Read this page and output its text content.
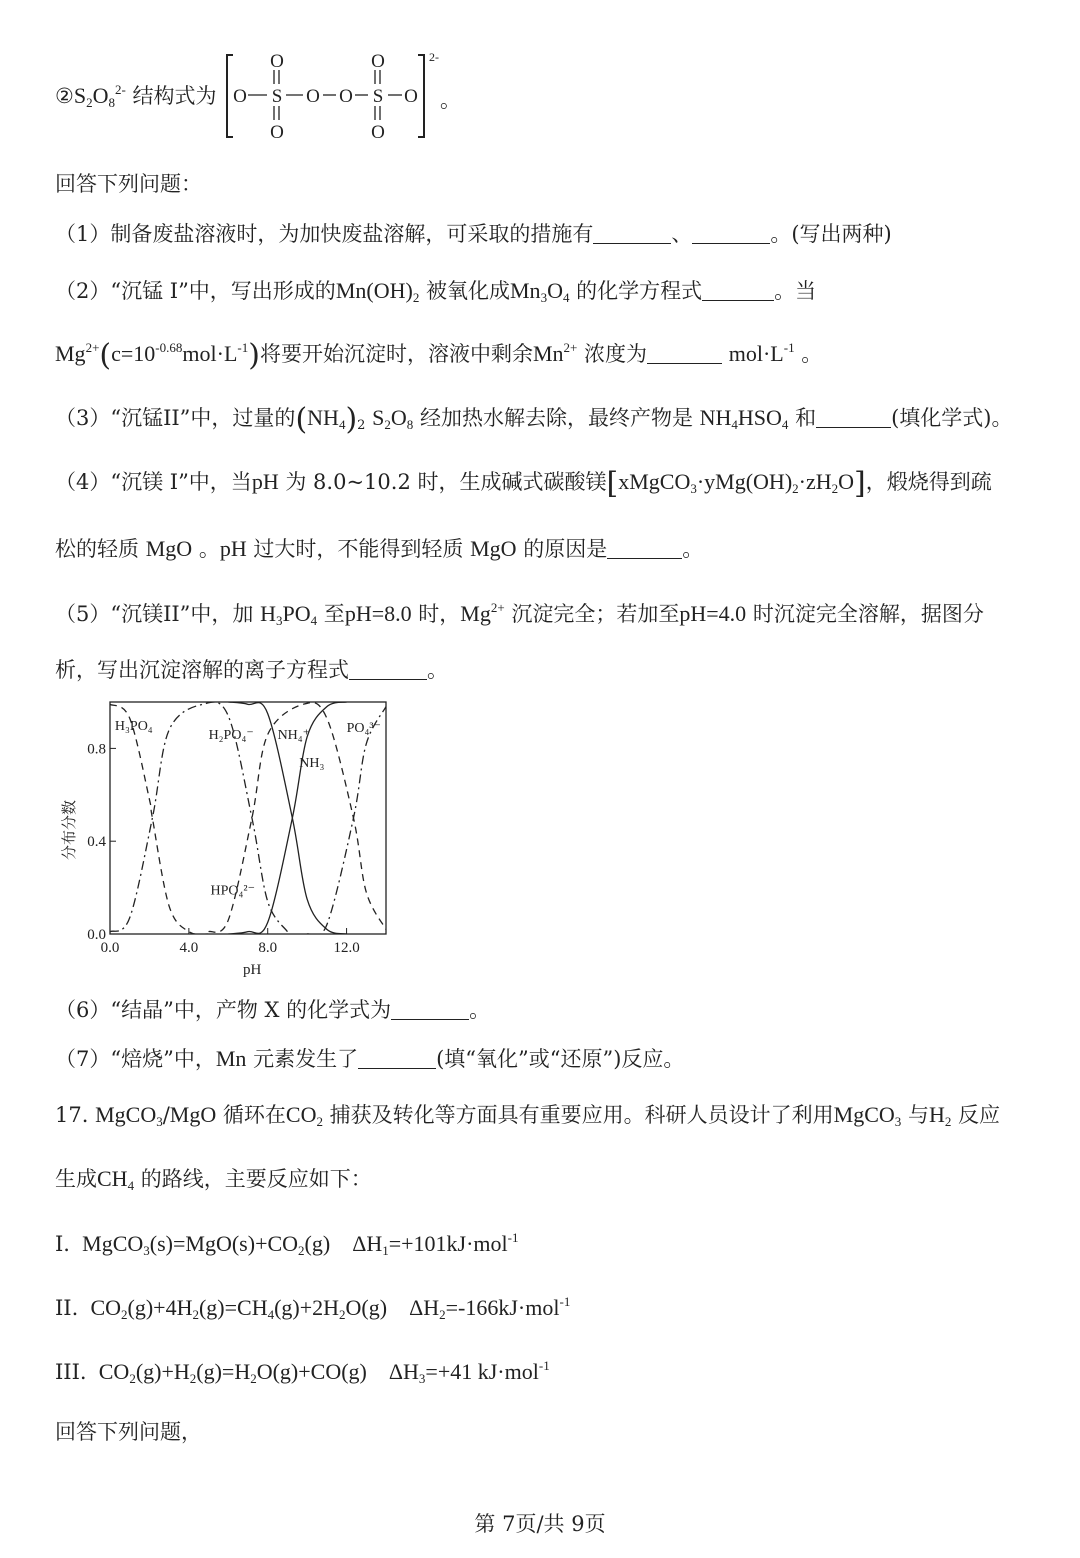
$②S_2O_8^{2-}$ 结构式为 O S O O S O
O
O
O
O
2-
。
回答下列问题：
（1）制备废盐溶液时，为加快废盐溶解，可采取的措施有	、	。(写出两种)
（2）“沉锰 I”中，写出形成的$Mn(OH)_2$ 被氧化成$Mn_3O_4$ 的化学方程式	。当
$Mg^{2+}(c=10^{-0.68}mol\cdot L^{-1})$将要开始沉淀时，溶液中剩余$Mn^{2+}$ 浓度为	$mol\cdot L^{-1}$ 。
（3）“沉锰II”中，过量的$(NH_4)_2$ $S_2O_8$ 经加热水解去除，最终产物是 $NH_4HSO_4$ 和	(填化学式)。
（4）“沉镁 I”中，当pH 为 8.0~10.2 时，生成碱式碳酸镁$[xMgCO_3\cdot yMg(OH)_2\cdot zH_2O]$，煅烧得到疏
松的轻质 MgO 。pH 过大时，不能得到轻质 MgO 的原因是	。
（5）“沉镁II”中，加 $H_3PO_4$ 至pH=8.0 时，$Mg^{2+}$ 沉淀完全；若加至pH=4.0 时沉淀完全溶解，据图分
析，写出沉淀溶解的离子方程式	。
0.0	4.0	8.0	12.0
0.0
0.4
0.8
H₃PO₄
H₂PO₄⁻ NH₄⁺
NH₃
PO₄³⁻
HPO₄²⁻
分布分数
pH
（6）“结晶”中，产物 X 的化学式为	。
（7）“焙烧”中，Mn 元素发生了	(填“氧化”或“还原”)反应。
17. MgCO$_3$/MgO 循环在$CO_2$ 捕获及转化等方面具有重要应用。科研人员设计了利用MgCO$_3$ 与$H_2$ 反应
生成$CH_4$ 的路线，主要反应如下：
I.  $MgCO_3(s)=MgO(s)+CO_2(g)$    $\Delta H_1=+101kJ\cdot mol^{-1}$
II.  $CO_2(g)+4H_2(g)=CH_4(g)+2H_2O(g)$    $\Delta H_2=-166kJ\cdot mol^{-1}$
III.  $CO_2(g)+H_2(g)=H_2O(g)+CO(g)$    $\Delta H_3=+41$ kJ·mol$^{-1}$
回答下列问题，
第 7页/共 9页
